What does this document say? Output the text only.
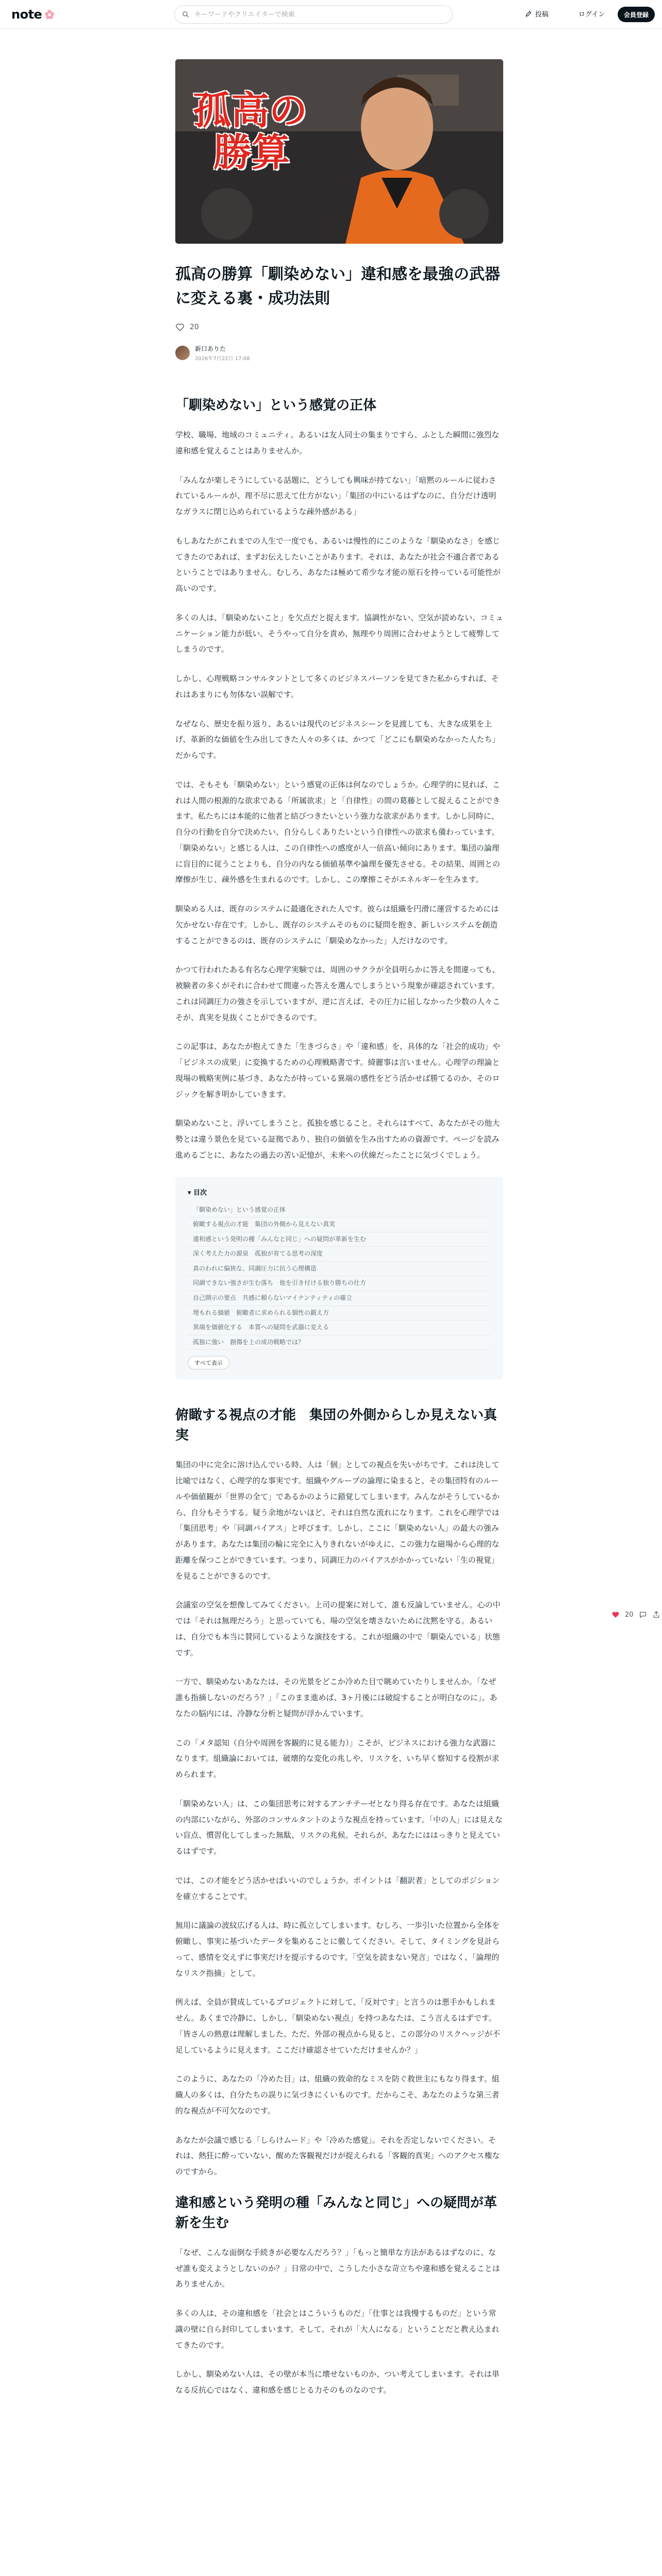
note
キーワードやクリエイターで検索	投稿	ログイン	会員登録
孤高の
勝算
孤高の勝算「馴染めない」違和感を最強の武器に変える裏・成功法則
20
新口ありた
2026年7月22日 17:08
「馴染めない」という感覚の正体

学校、職場、地域のコミュニティ。あるいは友人同士の集まりですら、ふとした瞬間に強烈な違和感を覚えることはありませんか。

「みんなが楽しそうにしている話題に、どうしても興味が持てない」「暗黙のルールに従わされているルールが、理不尽に思えて仕方がない」「集団の中にいるはずなのに、自分だけ透明なガラスに閉じ込められているような疎外感がある」

もしあなたがこれまでの人生で一度でも、あるいは慢性的にこのような「馴染めなさ」を感じてきたのであれば、まずお伝えしたいことがあります。それは、あなたが社会不適合者であるということではありません。むしろ、あなたは極めて希少な才能の原石を持っている可能性が高いのです。

多くの人は、「馴染めないこと」を欠点だと捉えます。協調性がない、空気が読めない、コミュニケーション能力が低い。そうやって自分を責め、無理やり周囲に合わせようとして疲弊してしまうのです。

しかし、心理戦略コンサルタントとして多くのビジネスパーソンを見てきた私からすれば、それはあまりにも勿体ない誤解です。

なぜなら、歴史を振り返り、あるいは現代のビジネスシーンを見渡しても、大きな成果を上げ、革新的な価値を生み出してきた人々の多くは、かつて「どこにも馴染めなかった人たち」だからです。

では、そもそも「馴染めない」という感覚の正体は何なのでしょうか。心理学的に見れば、これは人間の根源的な欲求である「所属欲求」と「自律性」の間の葛藤として捉えることができます。私たちには本能的に他者と結びつきたいという強力な欲求があります。しかし同時に、自分の行動を自分で決めたい、自分らしくありたいという自律性への欲求も備わっています。「馴染めない」と感じる人は、この自律性への感度が人一倍高い傾向にあります。集団の論理に盲目的に従うことよりも、自分の内なる価値基準や論理を優先させる。その結果、周囲との摩擦が生じ、疎外感を生まれるのです。しかし、この摩擦こそがエネルギーを生みます。

馴染める人は、既存のシステムに最適化された人です。彼らは組織を円滑に運営するためには欠かせない存在です。しかし、既存のシステムそのものに疑問を抱き、新しいシステムを創造することができるのは、既存のシステムに「馴染めなかった」人だけなのです。

かつて行われたある有名な心理学実験では、周囲のサクラが全員明らかに答えを間違っても、被験者の多くがそれに合わせて間違った答えを選んでしまうという現象が確認されています。これは同調圧力の強さを示していますが、逆に言えば、その圧力に屈しなかった少数の人々こそが、真実を見抜くことができるのです。

この記事は、あなたが抱えてきた「生きづらさ」や「違和感」を、具体的な「社会的成功」や「ビジネスの成果」に変換するための心理戦略書です。綺麗事は言いません。心理学の理論と現場の戦略実例に基づき、あなたが持っている異端の感性をどう活かせば勝てるのか、そのロジックを解き明かしていきます。

馴染めないこと。浮いてしまうこと。孤独を感じること。それらはすべて、あなたがその他大勢とは違う景色を見ている証拠であり、独自の価値を生み出すための資源です。ページを読み進めるごとに、あなたの過去の苦い記憶が、未来への伏線だったことに気づくでしょう。

▾ 目次
「馴染めない」という感覚の正体
俯瞰する視点の才能　集団の外側から見えない真実
違和感という発明の種「みんなと同じ」への疑問が革新を生む
深く考えた力の源泉　孤独が育てる思考の深度
真のわれに偏狭な、同調圧力に抗う心理構造
同調できない強さが生む落ち　他を引き付ける独り勝ちの仕方
自己開示の要点　共感に頼らないマイナンティティの確立
埋もれる価値　俯瞰者に求められる個性の鍛え方
異端を価値化する　本質への疑問を武器に変える
孤独に強い　創傷を上の成功戦略では？
すべて表示
俯瞰する視点の才能　集団の外側からしか見えない真実

集団の中に完全に溶け込んでいる時、人は「個」としての視点を失いがちです。これは決して比喩ではなく、心理学的な事実です。組織やグループの論理に染まると、その集団特有のルールや価値観が「世界の全て」であるかのように錯覚してしまいます。みんながそうしているから、自分もそうする。疑う余地がないほど、それは自然な流れになります。これを心理学では「集団思考」や「同調バイアス」と呼びます。しかし、ここに「馴染めない人」の最大の強みがあります。あなたは集団の輪に完全に入りきれないがゆえに、この強力な磁場から心理的な距離を保つことができています。つまり、同調圧力のバイアスがかかっていない「生の視覚」を見ることができるのです。

会議室の空気を想像してみてください。上司の提案に対して、誰も反論していません。心の中では「それは無理だろう」と思っていても、場の空気を壊さないために沈黙を守る。あるいは、自分でも本当に賛同しているような演技をする。これが組織の中で「馴染んでいる」状態です。

一方で、馴染めないあなたは、その光景をどこか冷めた目で眺めていたりしませんか。「なぜ誰も指摘しないのだろう？」「このまま進めば、3ヶ月後には破綻することが明白なのに」。あなたの脳内には、冷静な分析と疑問が浮かんでいます。

この「メタ認知（自分や周囲を客観的に見る能力）」こそが、ビジネスにおける強力な武器になります。組織論においては、破壊的な変化の兆しや、リスクを、いち早く察知する役割が求められます。

「馴染めない人」は、この集団思考に対するアンチテーゼとなり得る存在です。あなたは組織の内部にいながら、外部のコンサルタントのような視点を持っています。「中の人」には見えない盲点、慣習化してしまった無駄、リスクの兆候。それらが、あなたにははっきりと見えているはずです。

では、この才能をどう活かせばいいのでしょうか。ポイントは「翻訳者」としてのポジションを確立することです。

無用に議論の波紋広げる人は、時に孤立してしまいます。むしろ、一歩引いた位置から全体を俯瞰し、事実に基づいたデータを集めることに徹してください。そして、タイミングを見計らって、感情を交えずに事実だけを提示するのです。「空気を読まない発言」ではなく、「論理的なリスク指摘」として。

例えば、全員が賛成しているプロジェクトに対して、「反対です」と言うのは悪手かもしれません。あくまで冷静に、しかし、「馴染めない視点」を持つあなたは、こう言えるはずです。「皆さんの熱意は理解しました。ただ、外部の視点から見ると、この部分のリスクヘッジが不足しているように見えます。ここだけ確認させていただけませんか？」

このように、あなたの「冷めた目」は、組織の致命的なミスを防ぐ救世主にもなり得ます。組織人の多くは、自分たちの誤りに気づきにくいものです。だからこそ、あなたのような第三者的な視点が不可欠なのです。

あなたが会議で感じる「しらけムード」や「冷めた感覚」。それを否定しないでください。それは、熱狂に酔っていない、醒めた客観視だけが捉えられる「客観的真実」へのアクセス権なのですから。

違和感という発明の種「みんなと同じ」への疑問が革新を生む

「なぜ、こんな面倒な手続きが必要なんだろう？」「もっと簡単な方法があるはずなのに、なぜ誰も変えようとしないのか？」日常の中で、こうした小さな苛立ちや違和感を覚えることはありませんか。

多くの人は、その違和感を「社会とはこういうものだ」「仕事とは我慢するものだ」という常識の壁に自ら封印してしまいます。そして、それが「大人になる」ということだと教え込まれてきたのです。

しかし、馴染めない人は、その壁が本当に壊せないものか、つい考えてしまいます。それは単なる反抗心ではなく、違和感を感じとる力そのものなのです。

20
